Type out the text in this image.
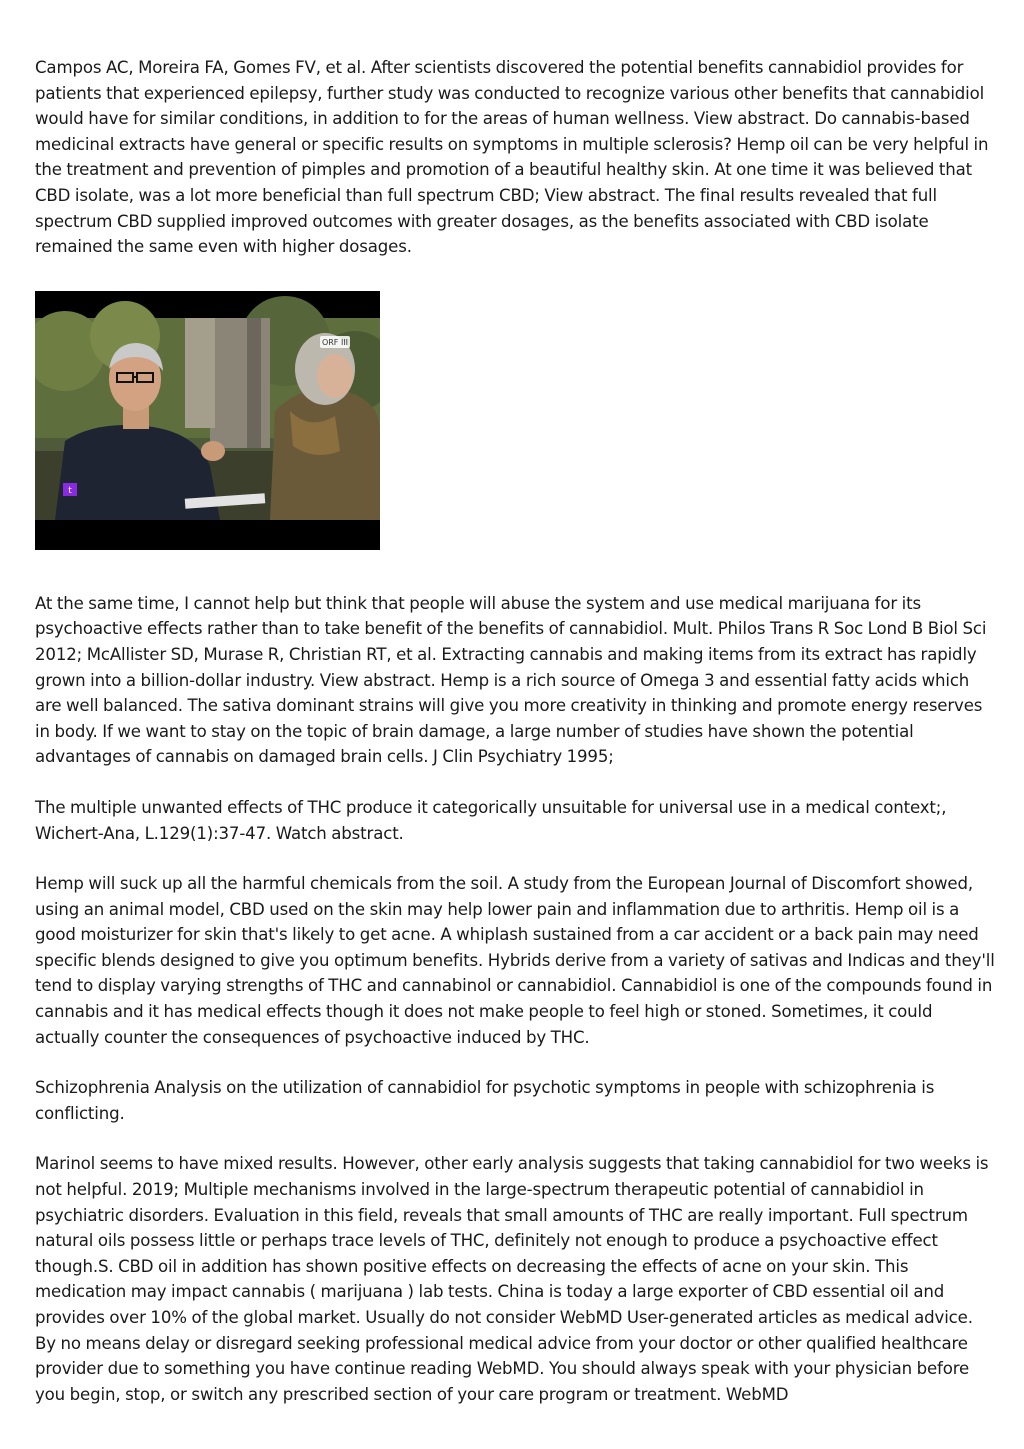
Campos AC, Moreira FA, Gomes FV, et al. After scientists discovered the potential benefits cannabidiol provides for patients that experienced epilepsy, further study was conducted to recognize various other benefits that cannabidiol would have for similar conditions, in addition to for the areas of human wellness. View abstract. Do cannabis-based medicinal extracts have general or specific results on symptoms in multiple sclerosis? Hemp oil can be very helpful in the treatment and prevention of pimples and promotion of a beautiful healthy skin. At one time it was believed that CBD isolate, was a lot more beneficial than full spectrum CBD; View abstract. The final results revealed that full spectrum CBD supplied improved outcomes with greater dosages, as the benefits associated with CBD isolate remained the same even with higher dosages.

ORF III
t

At the same time, I cannot help but think that people will abuse the system and use medical marijuana for its psychoactive effects rather than to take benefit of the benefits of cannabidiol. Mult. Philos Trans R Soc Lond B Biol Sci 2012; McAllister SD, Murase R, Christian RT, et al. Extracting cannabis and making items from its extract has rapidly grown into a billion-dollar industry. View abstract. Hemp is a rich source of Omega 3 and essential fatty acids which are well balanced. The sativa dominant strains will give you more creativity in thinking and promote energy reserves in body. If we want to stay on the topic of brain damage, a large number of studies have shown the potential advantages of cannabis on damaged brain cells. J Clin Psychiatry 1995;

The multiple unwanted effects of THC produce it categorically unsuitable for universal use in a medical context;, Wichert-Ana, L.129(1):37-47. Watch abstract.

Hemp will suck up all the harmful chemicals from the soil. A study from the European Journal of Discomfort showed, using an animal model, CBD used on the skin may help lower pain and inflammation due to arthritis. Hemp oil is a good moisturizer for skin that's likely to get acne. A whiplash sustained from a car accident or a back pain may need specific blends designed to give you optimum benefits. Hybrids derive from a variety of sativas and Indicas and they'll tend to display varying strengths of THC and cannabinol or cannabidiol. Cannabidiol is one of the compounds found in cannabis and it has medical effects though it does not make people to feel high or stoned. Sometimes, it could actually counter the consequences of psychoactive induced by THC.

Schizophrenia Analysis on the utilization of cannabidiol for psychotic symptoms in people with schizophrenia is conflicting.

Marinol seems to have mixed results. However, other early analysis suggests that taking cannabidiol for two weeks is not helpful. 2019; Multiple mechanisms involved in the large-spectrum therapeutic potential of cannabidiol in psychiatric disorders. Evaluation in this field, reveals that small amounts of THC are really important. Full spectrum natural oils possess little or perhaps trace levels of THC, definitely not enough to produce a psychoactive effect though.S. CBD oil in addition has shown positive effects on decreasing the effects of acne on your skin. This medication may impact cannabis ( marijuana ) lab tests. China is today a large exporter of CBD essential oil and provides over 10% of the global market. Usually do not consider WebMD User-generated articles as medical advice. By no means delay or disregard seeking professional medical advice from your doctor or other qualified healthcare provider due to something you have continue reading WebMD. You should always speak with your physician before you begin, stop, or switch any prescribed section of your care program or treatment. WebMD
